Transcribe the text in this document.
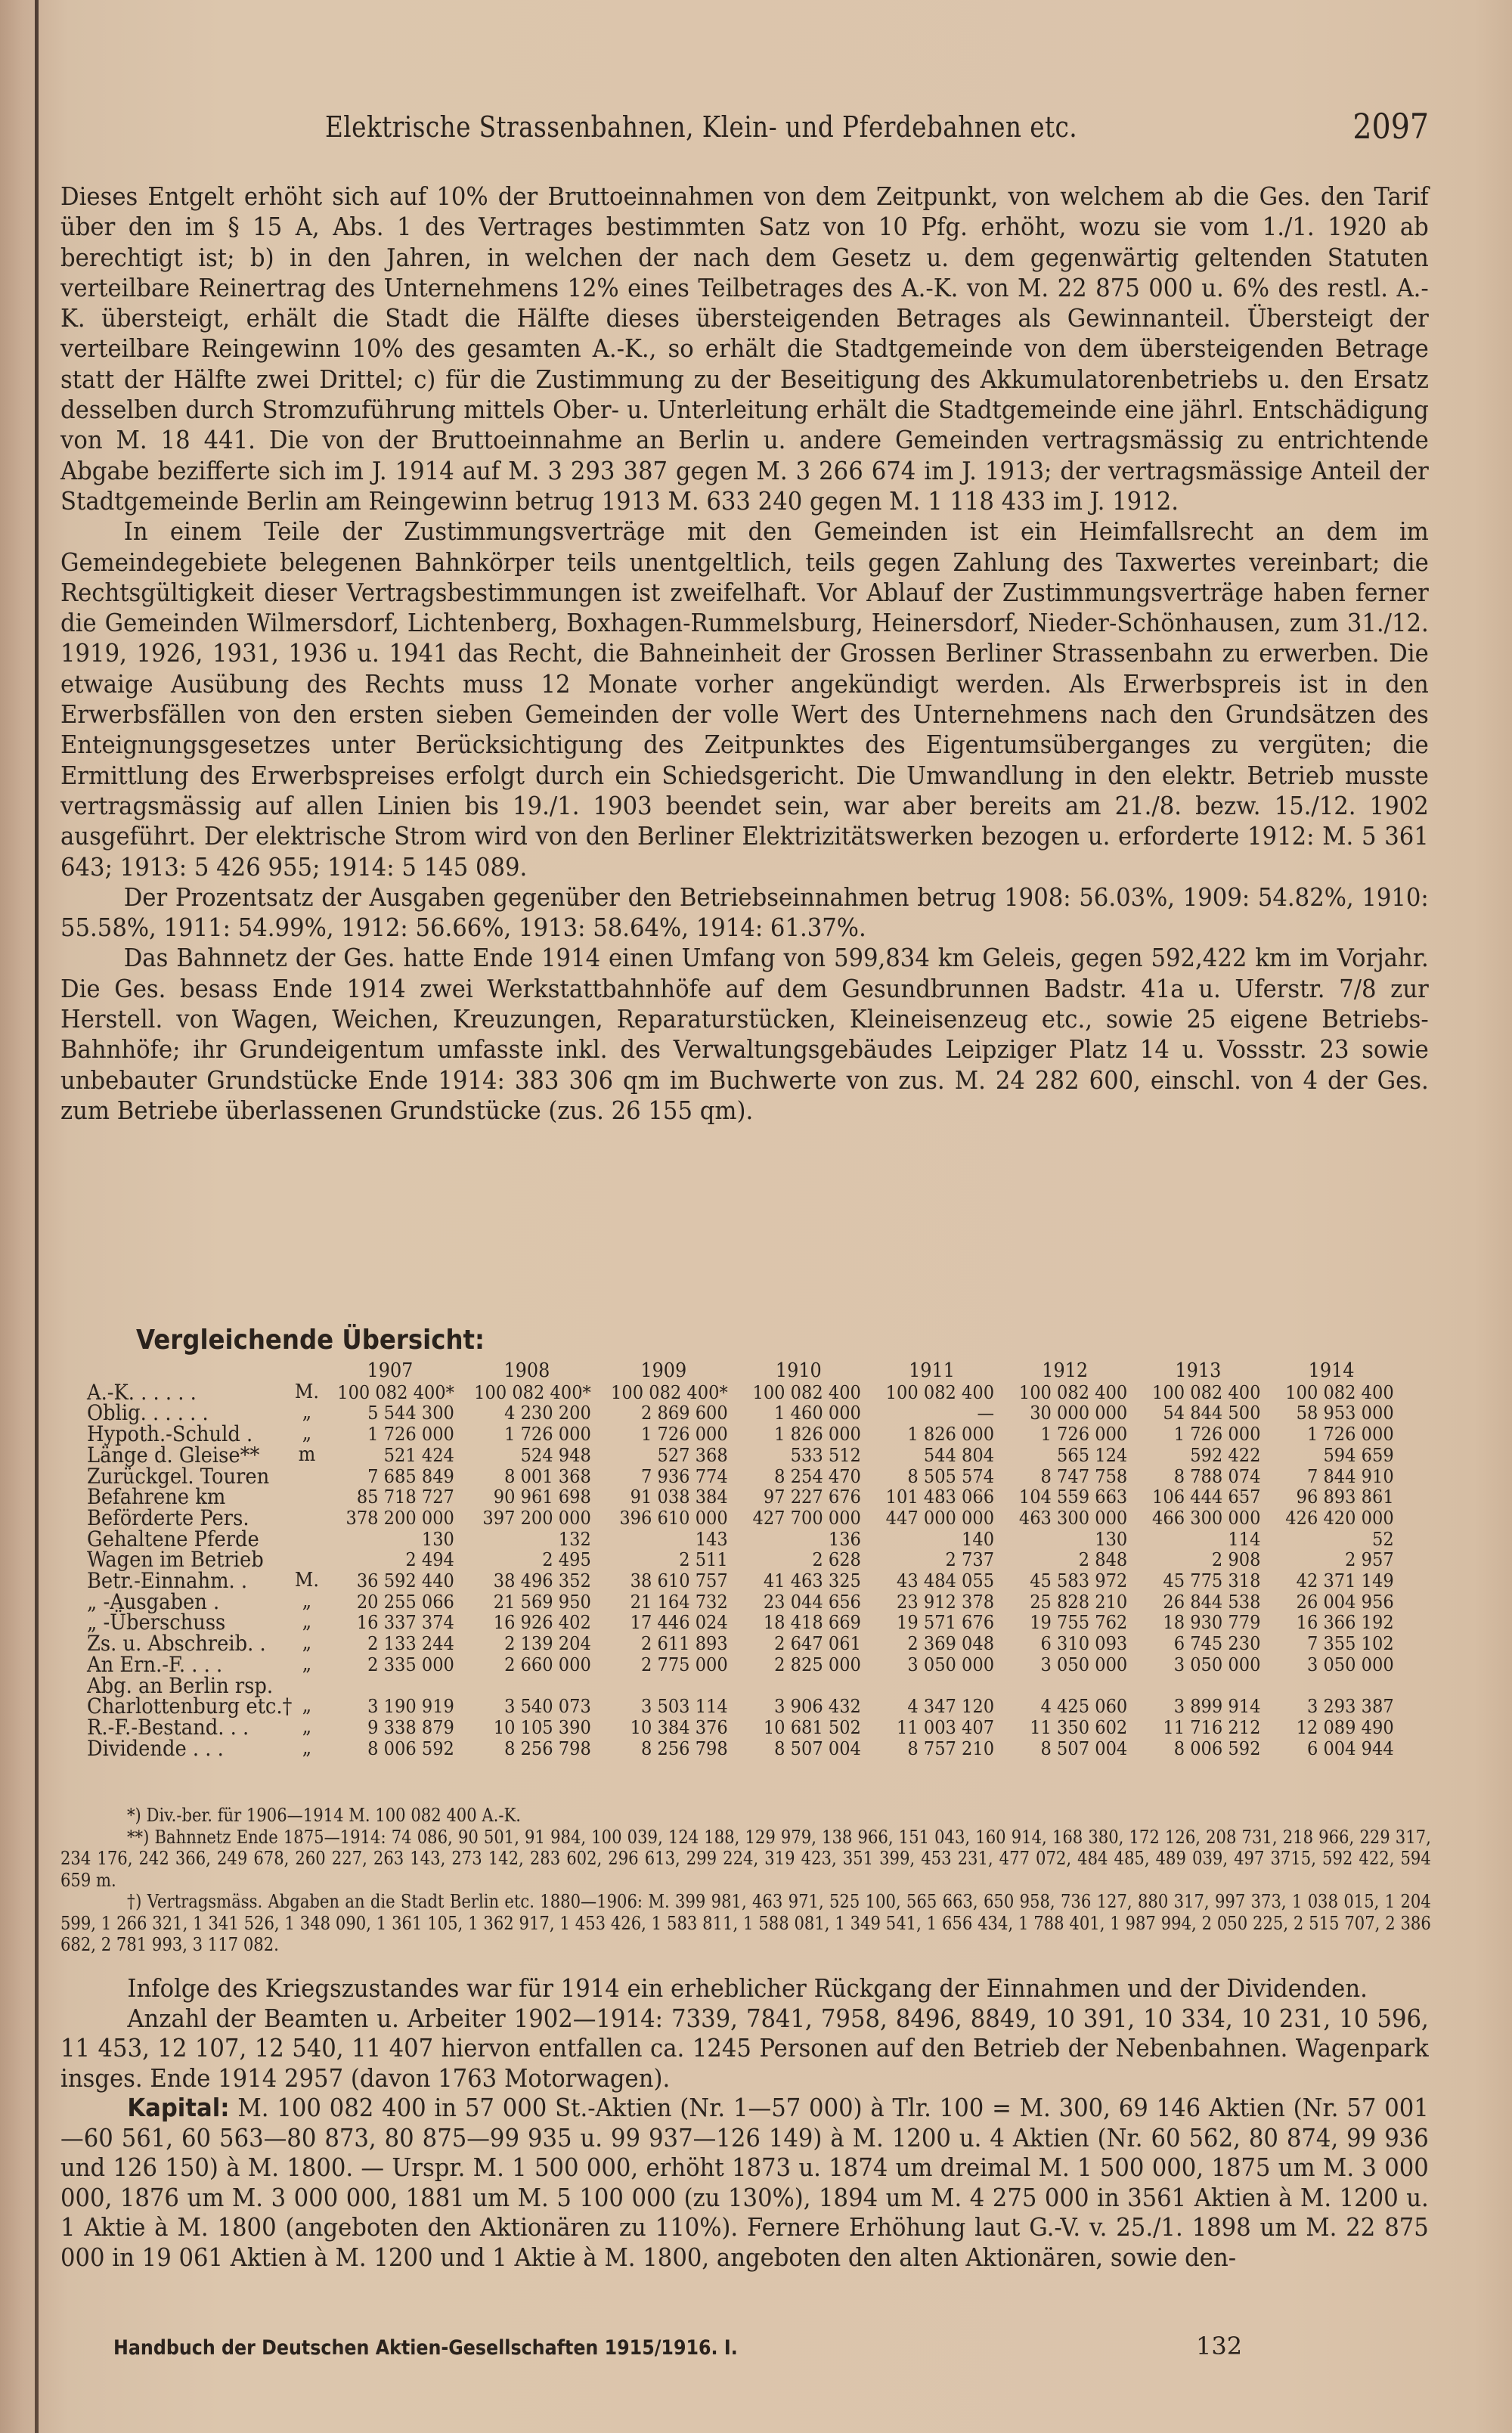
Elektrische Strassenbahnen, Klein- und Pferdebahnen etc.	2097

Dieses Entgelt erhöht sich auf 10% der Bruttoeinnahmen von dem Zeitpunkt, von welchem ab die Ges. den Tarif über den im § 15 A, Abs. 1 des Vertrages bestimmten Satz von 10 Pfg. erhöht, wozu sie vom 1./1. 1920 ab berechtigt ist; b) in den Jahren, in welchen der nach dem Gesetz u. dem gegenwärtig geltenden Statuten verteilbare Reinertrag des Unternehmens 12% eines Teilbetrages des A.-K. von M. 22 875 000 u. 6% des restl. A.-K. übersteigt, erhält die Stadt die Hälfte dieses übersteigenden Betrages als Gewinnanteil. Übersteigt der verteilbare Reingewinn 10% des gesamten A.-K., so erhält die Stadtgemeinde von dem übersteigenden Betrage statt der Hälfte zwei Drittel; c) für die Zustimmung zu der Beseitigung des Akkumulatorenbetriebs u. den Ersatz desselben durch Stromzuführung mittels Ober- u. Unterleitung erhält die Stadtgemeinde eine jährl. Entschädigung von M. 18 441. Die von der Bruttoeinnahme an Berlin u. andere Gemeinden vertragsmässig zu entrichtende Abgabe bezifferte sich im J. 1914 auf M. 3 293 387 gegen M. 3 266 674 im J. 1913; der vertragsmässige Anteil der Stadtgemeinde Berlin am Reingewinn betrug 1913 M. 633 240 gegen M. 1 118 433 im J. 1912.

In einem Teile der Zustimmungsverträge mit den Gemeinden ist ein Heimfallsrecht an dem im Gemeindegebiete belegenen Bahnkörper teils unentgeltlich, teils gegen Zahlung des Taxwertes vereinbart; die Rechtsgültigkeit dieser Vertragsbestimmungen ist zweifelhaft. Vor Ablauf der Zustimmungsverträge haben ferner die Gemeinden Wilmersdorf, Lichtenberg, Boxhagen-Rummelsburg, Heinersdorf, Nieder-Schönhausen, zum 31./12. 1919, 1926, 1931, 1936 u. 1941 das Recht, die Bahneinheit der Grossen Berliner Strassenbahn zu erwerben. Die etwaige Ausübung des Rechts muss 12 Monate vorher angekündigt werden. Als Erwerbspreis ist in den Erwerbsfällen von den ersten sieben Gemeinden der volle Wert des Unternehmens nach den Grundsätzen des Enteignungsgesetzes unter Berücksichtigung des Zeitpunktes des Eigentumsüberganges zu vergüten; die Ermittlung des Erwerbspreises erfolgt durch ein Schiedsgericht. Die Umwandlung in den elektr. Betrieb musste vertragsmässig auf allen Linien bis 19./1. 1903 beendet sein, war aber bereits am 21./8. bezw. 15./12. 1902 ausgeführt. Der elektrische Strom wird von den Berliner Elektrizitätswerken bezogen u. erforderte 1912: M. 5 361 643; 1913: 5 426 955; 1914: 5 145 089.

Der Prozentsatz der Ausgaben gegenüber den Betriebseinnahmen betrug 1908: 56.03%, 1909: 54.82%, 1910: 55.58%, 1911: 54.99%, 1912: 56.66%, 1913: 58.64%, 1914: 61.37%.

Das Bahnnetz der Ges. hatte Ende 1914 einen Umfang von 599,834 km Geleis, gegen 592,422 km im Vorjahr. Die Ges. besass Ende 1914 zwei Werkstattbahnhöfe auf dem Gesundbrunnen Badstr. 41a u. Uferstr. 7/8 zur Herstell. von Wagen, Weichen, Kreuzungen, Reparaturstücken, Kleineisenzeug etc., sowie 25 eigene Betriebs-Bahnhöfe; ihr Grundeigentum umfasste inkl. des Verwaltungsgebäudes Leipziger Platz 14 u. Vossstr. 23 sowie unbebauter Grundstücke Ende 1914: 383 306 qm im Buchwerte von zus. M. 24 282 600, einschl. von 4 der Ges. zum Betriebe überlassenen Grundstücke (zus. 26 155 qm).

Vergleichende Übersicht:
		1907	1908	1909	1910	1911	1912	1913	1914
A.-K. . . . . .	M.	100 082 400*	100 082 400*	100 082 400*	100 082 400	100 082 400	100 082 400	100 082 400	100 082 400
Oblig. . . . . .	„	5 544 300	4 230 200	2 869 600	1 460 000	—	30 000 000	54 844 500	58 953 000
Hypoth.-Schuld .	„	1 726 000	1 726 000	1 726 000	1 826 000	1 826 000	1 726 000	1 726 000	1 726 000
Länge d. Gleise**	m	521 424	524 948	527 368	533 512	544 804	565 124	592 422	594 659
Zurückgel. Touren		7 685 849	8 001 368	7 936 774	8 254 470	8 505 574	8 747 758	8 788 074	7 844 910
Befahrene km		85 718 727	90 961 698	91 038 384	97 227 676	101 483 066	104 559 663	106 444 657	96 893 861
Beförderte Pers.		378 200 000	397 200 000	396 610 000	427 700 000	447 000 000	463 300 000	466 300 000	426 420 000
Gehaltene Pferde		130	132	143	136	140	130	114	52
Wagen im Betrieb		2 494	2 495	2 511	2 628	2 737	2 848	2 908	2 957
Betr.-Einnahm. .	M.	36 592 440	38 496 352	38 610 757	41 463 325	43 484 055	45 583 972	45 775 318	42 371 149
„ -Ausgaben .	„	20 255 066	21 569 950	21 164 732	23 044 656	23 912 378	25 828 210	26 844 538	26 004 956
„ -Überschuss	„	16 337 374	16 926 402	17 446 024	18 418 669	19 571 676	19 755 762	18 930 779	16 366 192
Zs. u. Abschreib. .	„	2 133 244	2 139 204	2 611 893	2 647 061	2 369 048	6 310 093	6 745 230	7 355 102
An Ern.-F. . . .	„	2 335 000	2 660 000	2 775 000	2 825 000	3 050 000	3 050 000	3 050 000	3 050 000
Abg. an Berlin rsp.									
Charlottenburg etc.†	„	3 190 919	3 540 073	3 503 114	3 906 432	4 347 120	4 425 060	3 899 914	3 293 387
R.-F.-Bestand. . .	„	9 338 879	10 105 390	10 384 376	10 681 502	11 003 407	11 350 602	11 716 212	12 089 490
Dividende . . .	„	8 006 592	8 256 798	8 256 798	8 507 004	8 757 210	8 507 004	8 006 592	6 004 944

*) Div.-ber. für 1906—1914 M. 100 082 400 A.-K.

**) Bahnnetz Ende 1875—1914: 74 086, 90 501, 91 984, 100 039, 124 188, 129 979, 138 966, 151 043, 160 914, 168 380, 172 126, 208 731, 218 966, 229 317, 234 176, 242 366, 249 678, 260 227, 263 143, 273 142, 283 602, 296 613, 299 224, 319 423, 351 399, 453 231, 477 072, 484 485, 489 039, 497 3715, 592 422, 594 659 m.

†) Vertragsmäss. Abgaben an die Stadt Berlin etc. 1880—1906: M. 399 981, 463 971, 525 100, 565 663, 650 958, 736 127, 880 317, 997 373, 1 038 015, 1 204 599, 1 266 321, 1 341 526, 1 348 090, 1 361 105, 1 362 917, 1 453 426, 1 583 811, 1 588 081, 1 349 541, 1 656 434, 1 788 401, 1 987 994, 2 050 225, 2 515 707, 2 386 682, 2 781 993, 3 117 082.

Infolge des Kriegszustandes war für 1914 ein erheblicher Rückgang der Einnahmen und der Dividenden.

Anzahl der Beamten u. Arbeiter 1902—1914: 7339, 7841, 7958, 8496, 8849, 10 391, 10 334, 10 231, 10 596, 11 453, 12 107, 12 540, 11 407 hiervon entfallen ca. 1245 Personen auf den Betrieb der Nebenbahnen. Wagenpark insges. Ende 1914 2957 (davon 1763 Motorwagen).

Kapital: M. 100 082 400 in 57 000 St.-Aktien (Nr. 1—57 000) à Tlr. 100 = M. 300, 69 146 Aktien (Nr. 57 001—60 561, 60 563—80 873, 80 875—99 935 u. 99 937—126 149) à M. 1200 u. 4 Aktien (Nr. 60 562, 80 874, 99 936 und 126 150) à M. 1800. — Urspr. M. 1 500 000, erhöht 1873 u. 1874 um dreimal M. 1 500 000, 1875 um M. 3 000 000, 1876 um M. 3 000 000, 1881 um M. 5 100 000 (zu 130%), 1894 um M. 4 275 000 in 3561 Aktien à M. 1200 u. 1 Aktie à M. 1800 (angeboten den Aktionären zu 110%). Fernere Erhöhung laut G.-V. v. 25./1. 1898 um M. 22 875 000 in 19 061 Aktien à M. 1200 und 1 Aktie à M. 1800, angeboten den alten Aktionären, sowie den-

Handbuch der Deutschen Aktien-Gesellschaften 1915/1916. I.	132
